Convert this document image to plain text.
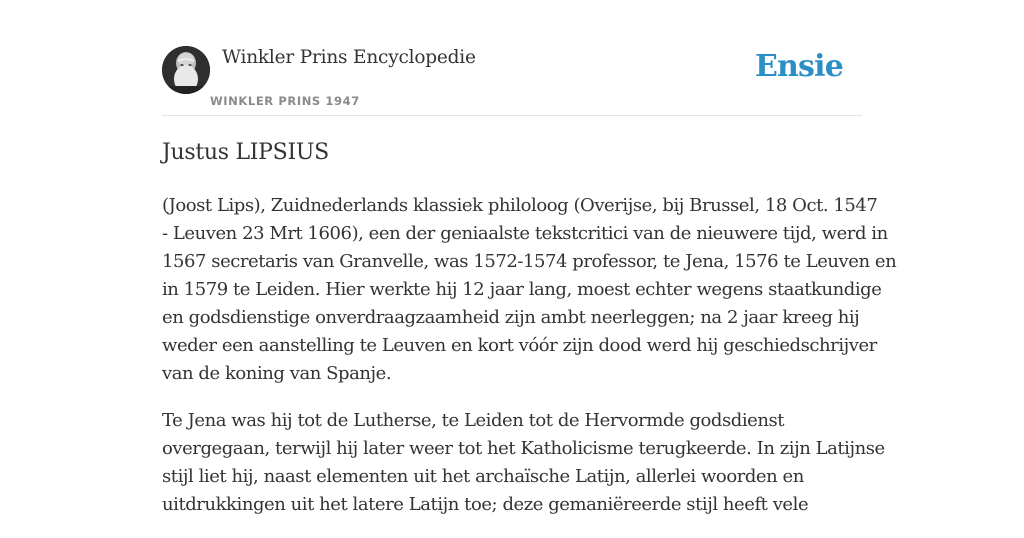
Winkler Prins Encyclopedie
WINKLER PRINS 1947
Ensie
Justus LIPSIUS

(Joost Lips), Zuidnederlands klassiek philoloog (Overijse, bij Brussel, 18 Oct. 1547
- Leuven 23 Mrt 1606), een der geniaalste tekstcritici van de nieuwere tijd, werd in
1567 secretaris van Granvelle, was 1572-1574 professor, te Jena, 1576 te Leuven en
in 1579 te Leiden. Hier werkte hij 12 jaar lang, moest echter wegens staatkundige
en godsdienstige onverdraagzaamheid zijn ambt neerleggen; na 2 jaar kreeg hij
weder een aanstelling te Leuven en kort vóór zijn dood werd hij geschiedschrijver
van de koning van Spanje.

Te Jena was hij tot de Lutherse, te Leiden tot de Hervormde godsdienst
overgegaan, terwijl hij later weer tot het Katholicisme terugkeerde. In zijn Latijnse
stijl liet hij, naast elementen uit het archaïsche Latijn, allerlei woorden en
uitdrukkingen uit het latere Latijn toe; deze gemaniëreerde stijl heeft vele
